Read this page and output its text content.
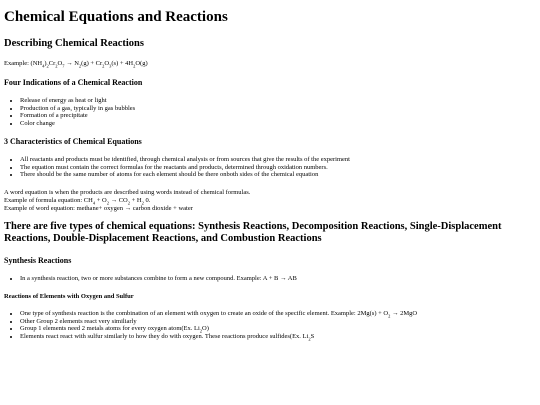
Chemical Equations and Reactions
Describing Chemical Reactions

Example: $(NH_4)_2Cr_2O_7 \to N_2(g) + Cr_2O_3(s) + 4H_2O(g)$

Four Indications of a Chemical Reaction
• Release of energy as heat or light
• Production of a gas, typically in gas bubbles
• Formation of a precipitate
• Color change
3 Characteristics of Chemical Equations
• All reactants and products must be identified, through chemical analysis or from sources that give the results of the experiment
• The equation must contain the correct formulas for the reactants and products, determined through oxidation numbers.
• There should be the same number of atoms for each element should be there onboth sides of the chemical equation

A word equation is when the products are described using words instead of chemical formulas.

Example of formula equation: $CH_4 + O_2 \to CO_2 + H_2$ 0.

Example of word equation: methane+ oxygen → carbon dioxide + water

There are five types of chemical equations: Synthesis Reactions, Decomposition Reactions, Single-Displacement Reactions, Double-Displacement Reactions, and Combustion Reactions
Synthesis Reactions
• In a synthesis reaction, two or more substances combine to form a new compound. Example: A + B → AB
Reactions of Elements with Oxygen and Sulfur
• One type of synthesis reaction is the combination of an element with oxygen to create an oxide of the specific element. Example: $2Mg(s) + O_2 \to 2MgO$
• Other Group 2 elements react very similiarly
• Group 1 elements need 2 metals atoms for every oxygen atom(Ex. $Li_2O$)
• Elements react react with sulfur similarly to how they do with oxygen. These reactions produce sulfides(Ex. $Li_2S$
